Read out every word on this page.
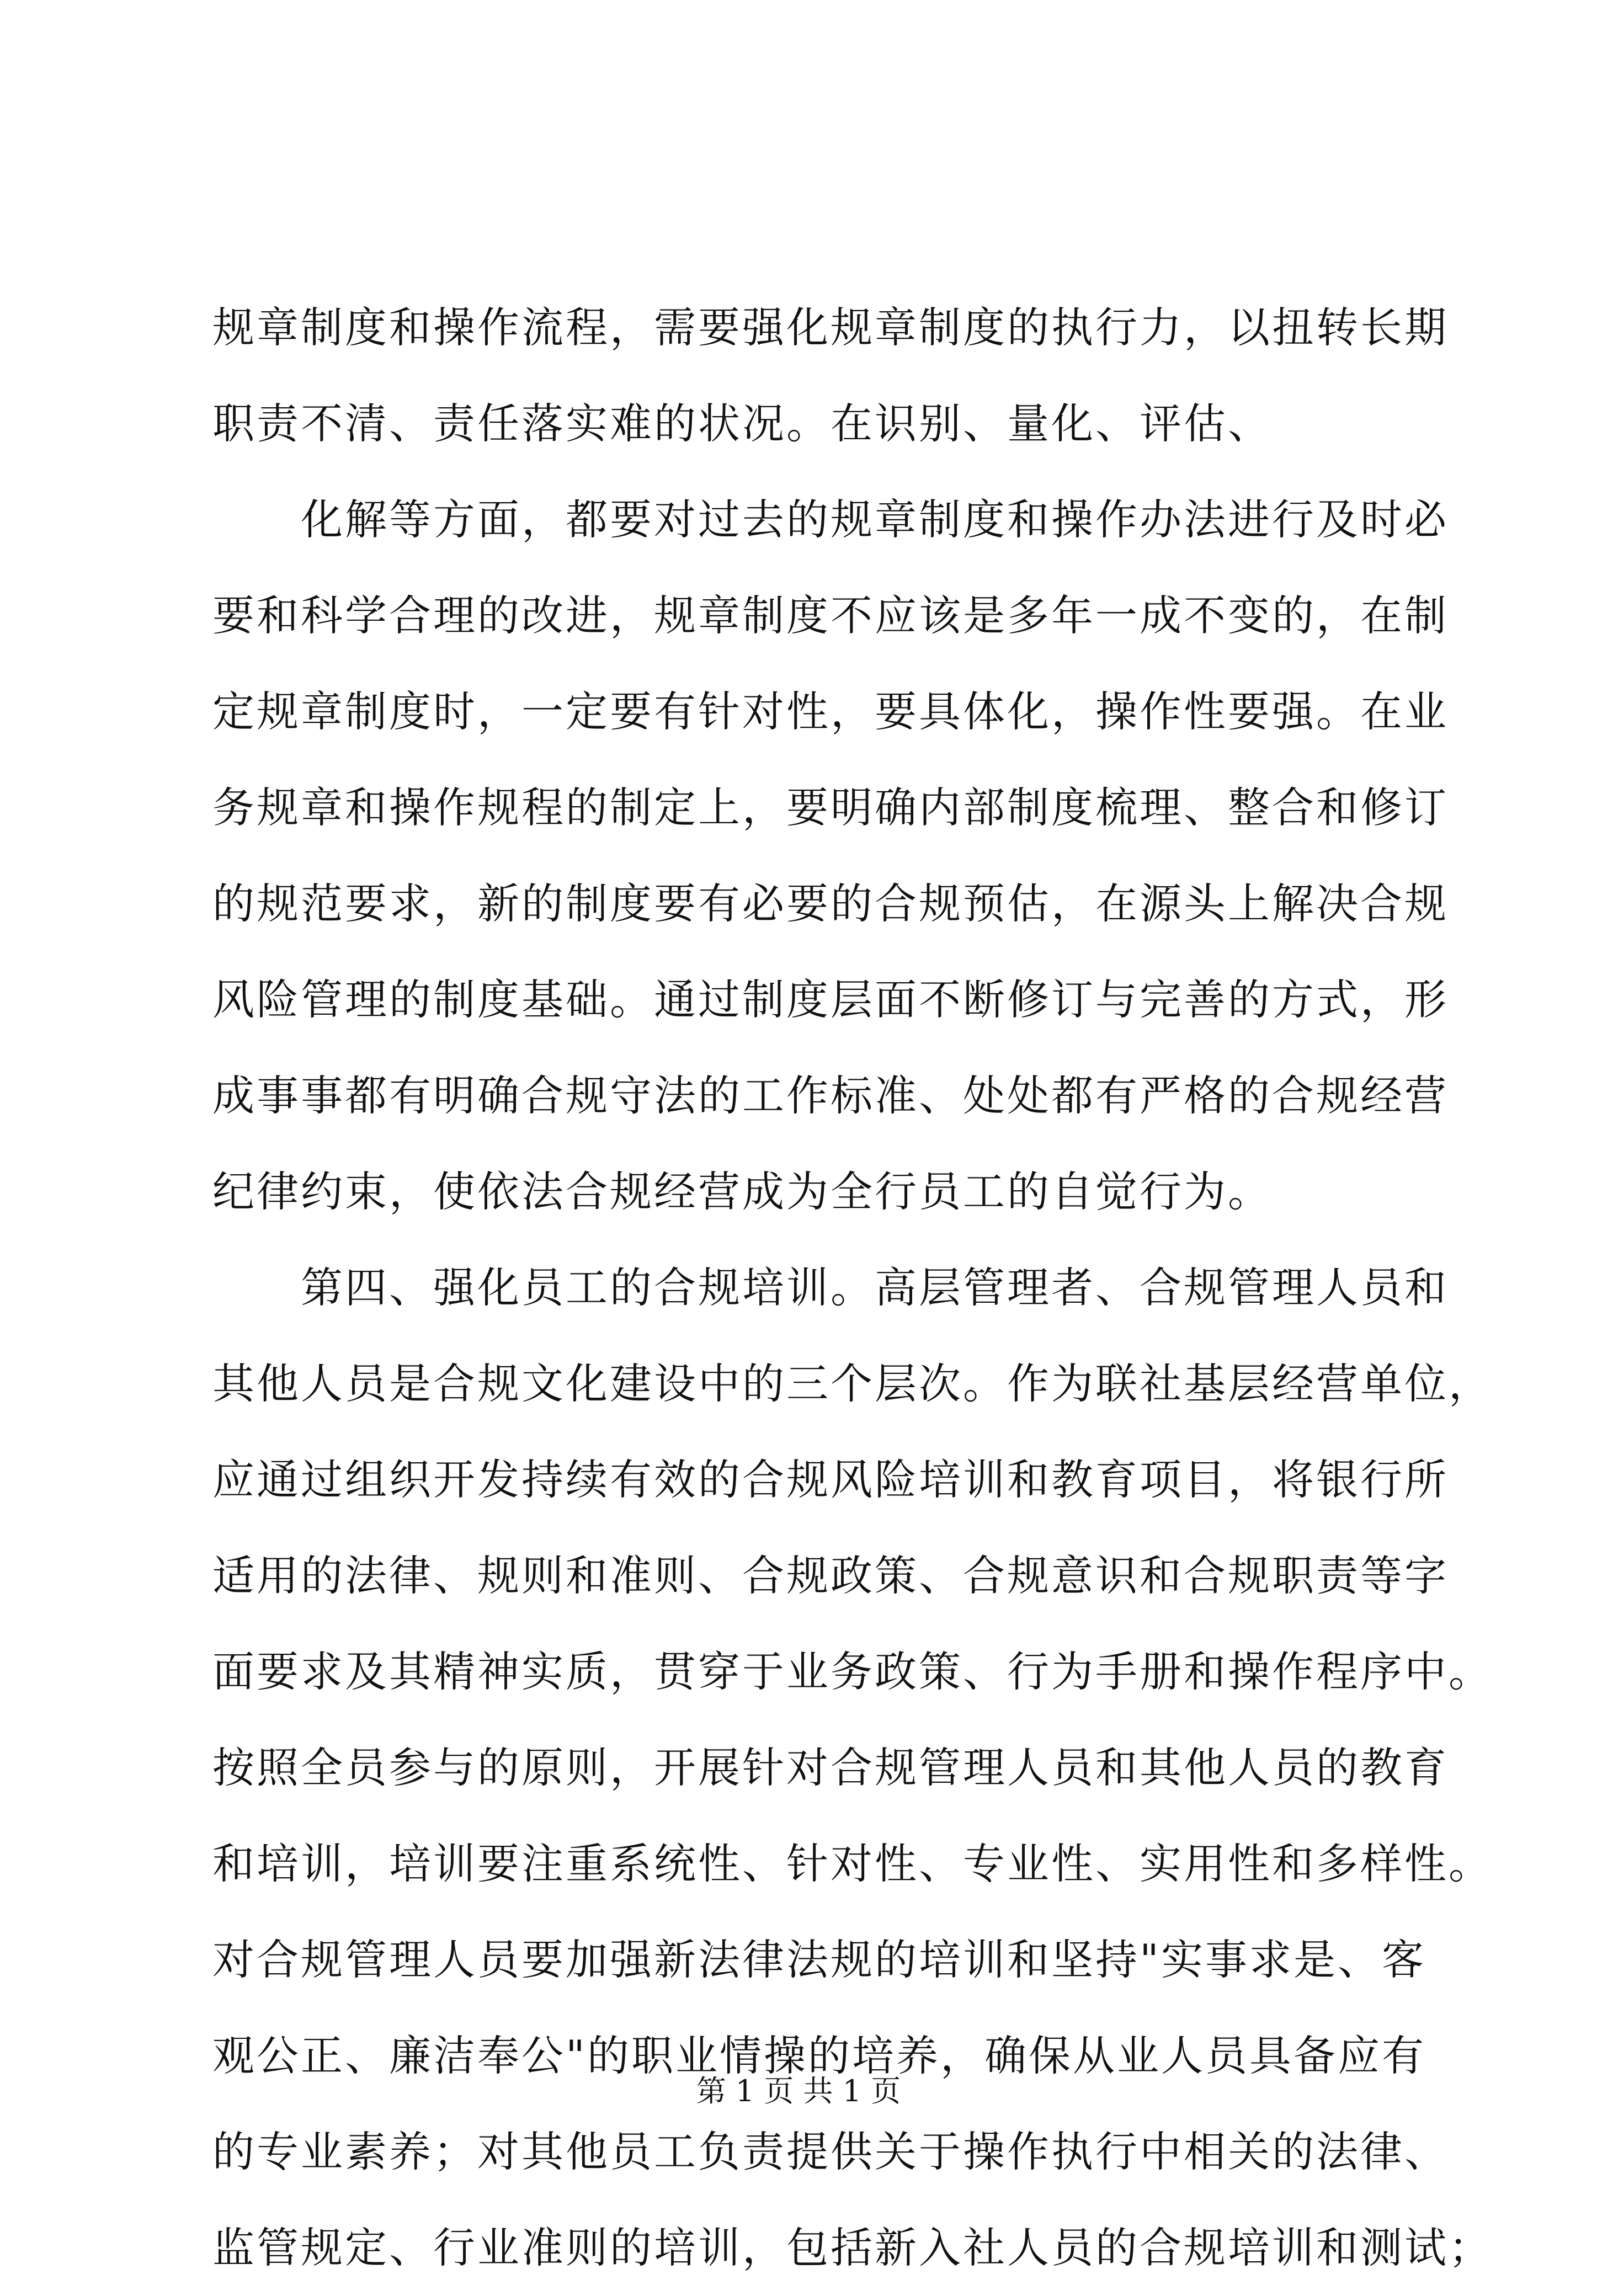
规章制度和操作流程，需要强化规章制度的执行力，以扭转长期
职责不清、责任落实难的状况。在识别、量化、评估、
　　化解等方面，都要对过去的规章制度和操作办法进行及时必
要和科学合理的改进，规章制度不应该是多年一成不变的，在制
定规章制度时，一定要有针对性，要具体化，操作性要强。在业
务规章和操作规程的制定上，要明确内部制度梳理、整合和修订
的规范要求，新的制度要有必要的合规预估，在源头上解决合规
风险管理的制度基础。通过制度层面不断修订与完善的方式，形
成事事都有明确合规守法的工作标准、处处都有严格的合规经营
纪律约束，使依法合规经营成为全行员工的自觉行为。
　　第四、强化员工的合规培训。高层管理者、合规管理人员和
其他人员是合规文化建设中的三个层次。作为联社基层经营单位，
应通过组织开发持续有效的合规风险培训和教育项目，将银行所
适用的法律、规则和准则、合规政策、合规意识和合规职责等字
面要求及其精神实质，贯穿于业务政策、行为手册和操作程序中。
按照全员参与的原则，开展针对合规管理人员和其他人员的教育
和培训，培训要注重系统性、针对性、专业性、实用性和多样性。
对合规管理人员要加强新法律法规的培训和坚持"实事求是、客
观公正、廉洁奉公"的职业情操的培养，确保从业人员具备应有
的专业素养；对其他员工负责提供关于操作执行中相关的法律、
监管规定、行业准则的培训，包括新入社人员的合规培训和测试；
第 1 页 共 1 页
